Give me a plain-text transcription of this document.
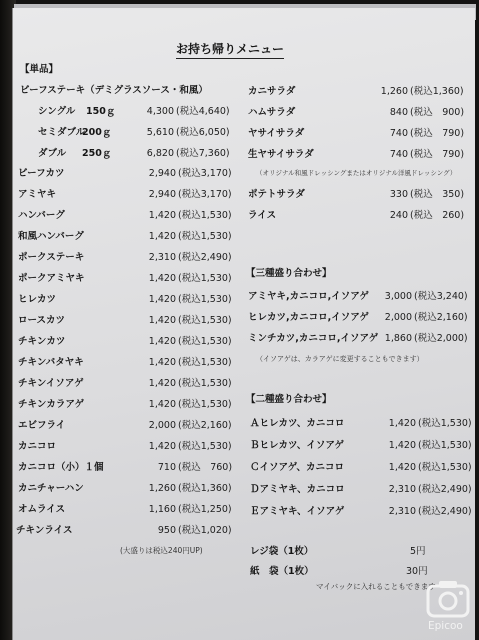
お持ち帰りメニュー
【単品】
ビーフステーキ（デミグラスソース・和風）
シングル 150ｇ	4,300 (税込4,640)
セミダブル
200ｇ	5,610 (税込6,050)
ダブル 250ｇ	6,820 (税込7,360)
ビーフカツ	2,940 (税込3,170)
アミヤキ	2,940 (税込3,170)
ハンバーグ	1,420 (税込1,530)
和風ハンバーグ	1,420 (税込1,530)
ポークステーキ	2,310 (税込2,490)
ポークアミヤキ	1,420 (税込1,530)
ヒレカツ	1,420 (税込1,530)
ロースカツ	1,420 (税込1,530)
チキンカツ	1,420 (税込1,530)
チキンバタヤキ	1,420 (税込1,530)
チキンイソアゲ	1,420 (税込1,530)
チキンカラアゲ	1,420 (税込1,530)
エビフライ	2,000 (税込2,160)
カニコロ	1,420 (税込1,530)
カニコロ（小）１個	710 (税込　760)
カニチャーハン	1,260 (税込1,360)
オムライス	1,160 (税込1,250)
チキンライス	950 (税込1,020)
(大盛りは税込240円UP)
カニサラダ	1,260 (税込1,360)
ハムサラダ	840 (税込　900)
ヤサイサラダ	740 (税込　790)
生ヤサイサラダ	740 (税込　790)
（オリジナル和風ドレッシングまたはオリジナル洋風ドレッシング）
ポテトサラダ	330 (税込　350)
ライス	240 (税込　260)
【三種盛り合わせ】
アミヤキ,カニコロ,イソアゲ	3,000 (税込3,240)
ヒレカツ,カニコロ,イソアゲ	2,000 (税込2,160)
ミンチカツ,カニコロ,イソアゲ 1,860 (税込2,000)
（イソアゲは、カラアゲに変更することもできます）
【二種盛り合わせ】
Ａヒレカツ、カニコロ	1,420 (税込1,530)
Ｂヒレカツ、イソアゲ	1,420 (税込1,530)
Ｃイソアゲ、カニコロ	1,420 (税込1,530)
Ｄアミヤキ、カニコロ	2,310 (税込2,490)
Ｅアミヤキ、イソアゲ	2,310 (税込2,490)
レジ袋（1枚）	5円
紙　袋（1枚）	30円
マイバックに入れることもできます
Epicoo
